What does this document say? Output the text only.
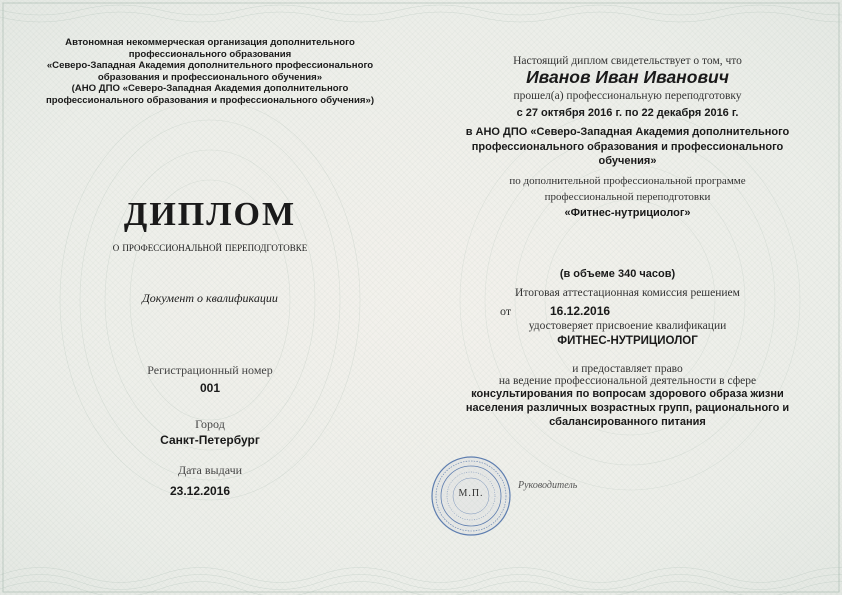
Автономная некоммерческая организация дополнительного
профессионального образования
«Северо-Западная Академия дополнительного профессионального
образования и профессионального обучения»
(АНО ДПО «Северо-Западная Академия дополнительного
профессионального образования и профессионального обучения»)
ДИПЛОМ
о профессиональной переподготовке
Документ о квалификации
Регистрационный номер
001
Город
Санкт-Петербург
Дата выдачи
23.12.2016
Настоящий диплом свидетельствует о том, что
Иванов Иван Иванович
прошел(а) профессиональную переподготовку
с 27 октября 2016 г. по 22 декабря 2016 г.
в АНО ДПО «Северо-Западная Академия дополнительного
профессионального образования и профессионального
обучения»
по дополнительной профессиональной программе
профессиональной переподготовки
«Фитнес-нутрициолог»
(в объеме 340 часов)
Итоговая аттестационная комиссия решением
от	16.12.2016
удостоверяет присвоение квалификации
ФИТНЕС-НУТРИЦИОЛОГ
и предоставляет право
на ведение профессиональной деятельности в сфере
консультирования по вопросам здорового образа жизни
населения различных возрастных групп, рационального и
сбалансированного питания
М.П.
Руководитель
